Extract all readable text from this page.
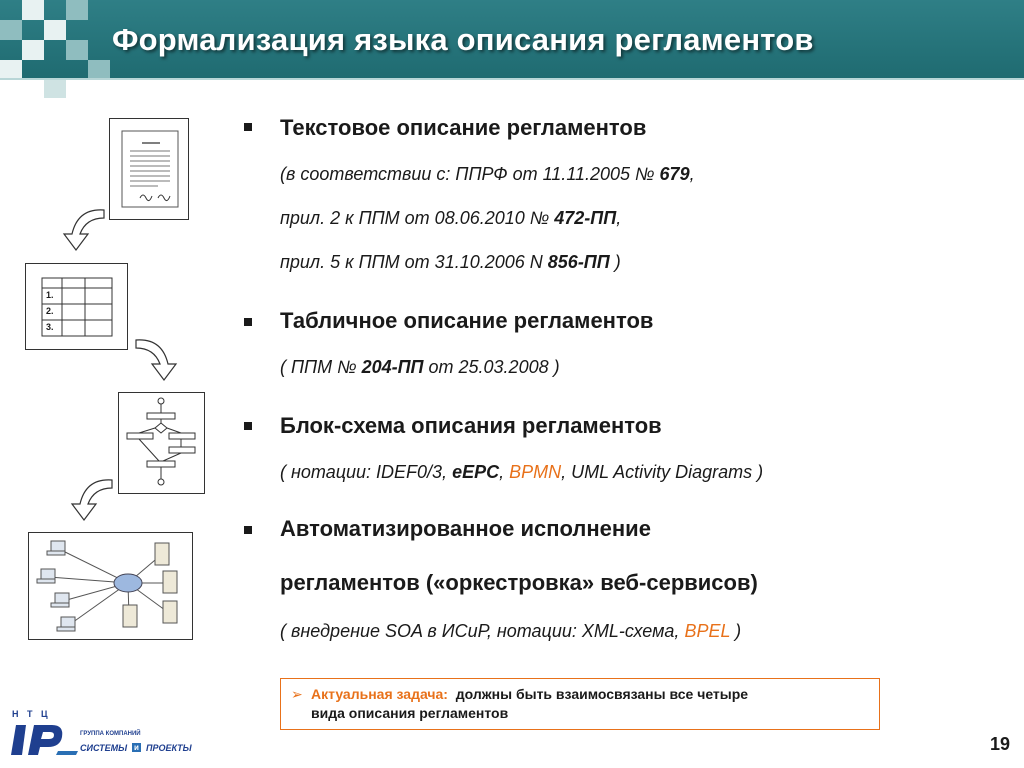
Формализация языка описания регламентов
Текстовое описание регламентов
(в соответствии с: ППРФ от 11.11.2005 № 679,
прил. 2 к ППМ от 08.06.2010 № 472-ПП,
прил. 5 к ППМ от 31.10.2006 N 856-ПП )
Табличное описание регламентов
( ППМ № 204-ПП от 25.03.2008 )
Блок-схема описания регламентов
( нотации: IDEF0/3, eEPC, BPMN, UML Activity Diagrams )
Автоматизированное исполнение
регламентов («оркестровка» веб-сервисов)
( внедрение SOA в ИСиР, нотации: XML-схема, BPEL )
➢ Актуальная задача: должны быть взаимосвязаны все четыре
вида описания регламентов
1.
2.
3.
Н Т Ц
ГРУППА КОМПАНИЙ
СИСТЕМЫ и ПРОЕКТЫ	19
